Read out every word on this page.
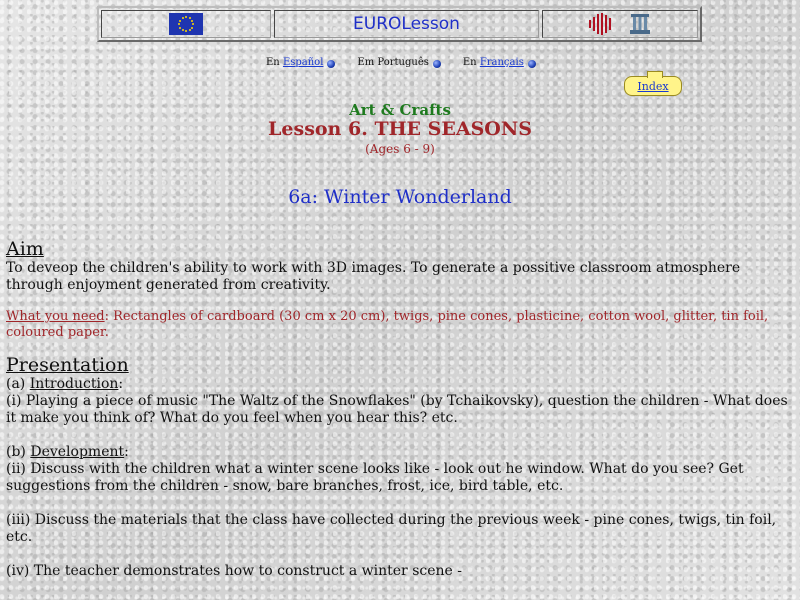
EUROLesson
En Español	Em Português	En Français
Index
Art & Crafts
Lesson 6. THE SEASONS
(Ages 6 - 9)
6a: Winter Wonderland
Aim
To deveop the children's ability to work with 3D images. To generate a possitive classroom atmosphere through enjoyment generated from creativity.
What you need: Rectangles of cardboard (30 cm x 20 cm), twigs, pine cones, plasticine, cotton wool, glitter, tin foil, coloured paper.
Presentation
(a) Introduction:
(i) Playing a piece of music "The Waltz of the Snowflakes" (by Tchaikovsky), question the children - What does it make you think of? What do you feel when you hear this? etc.
(b) Development:
(ii) Discuss with the children what a winter scene looks like - look out he window. What do you see? Get suggestions from the children - snow, bare branches, frost, ice, bird table, etc.
(iii) Discuss the materials that the class have collected during the previous week - pine cones, twigs, tin foil, etc.
(iv) The teacher demonstrates how to construct a winter scene -
